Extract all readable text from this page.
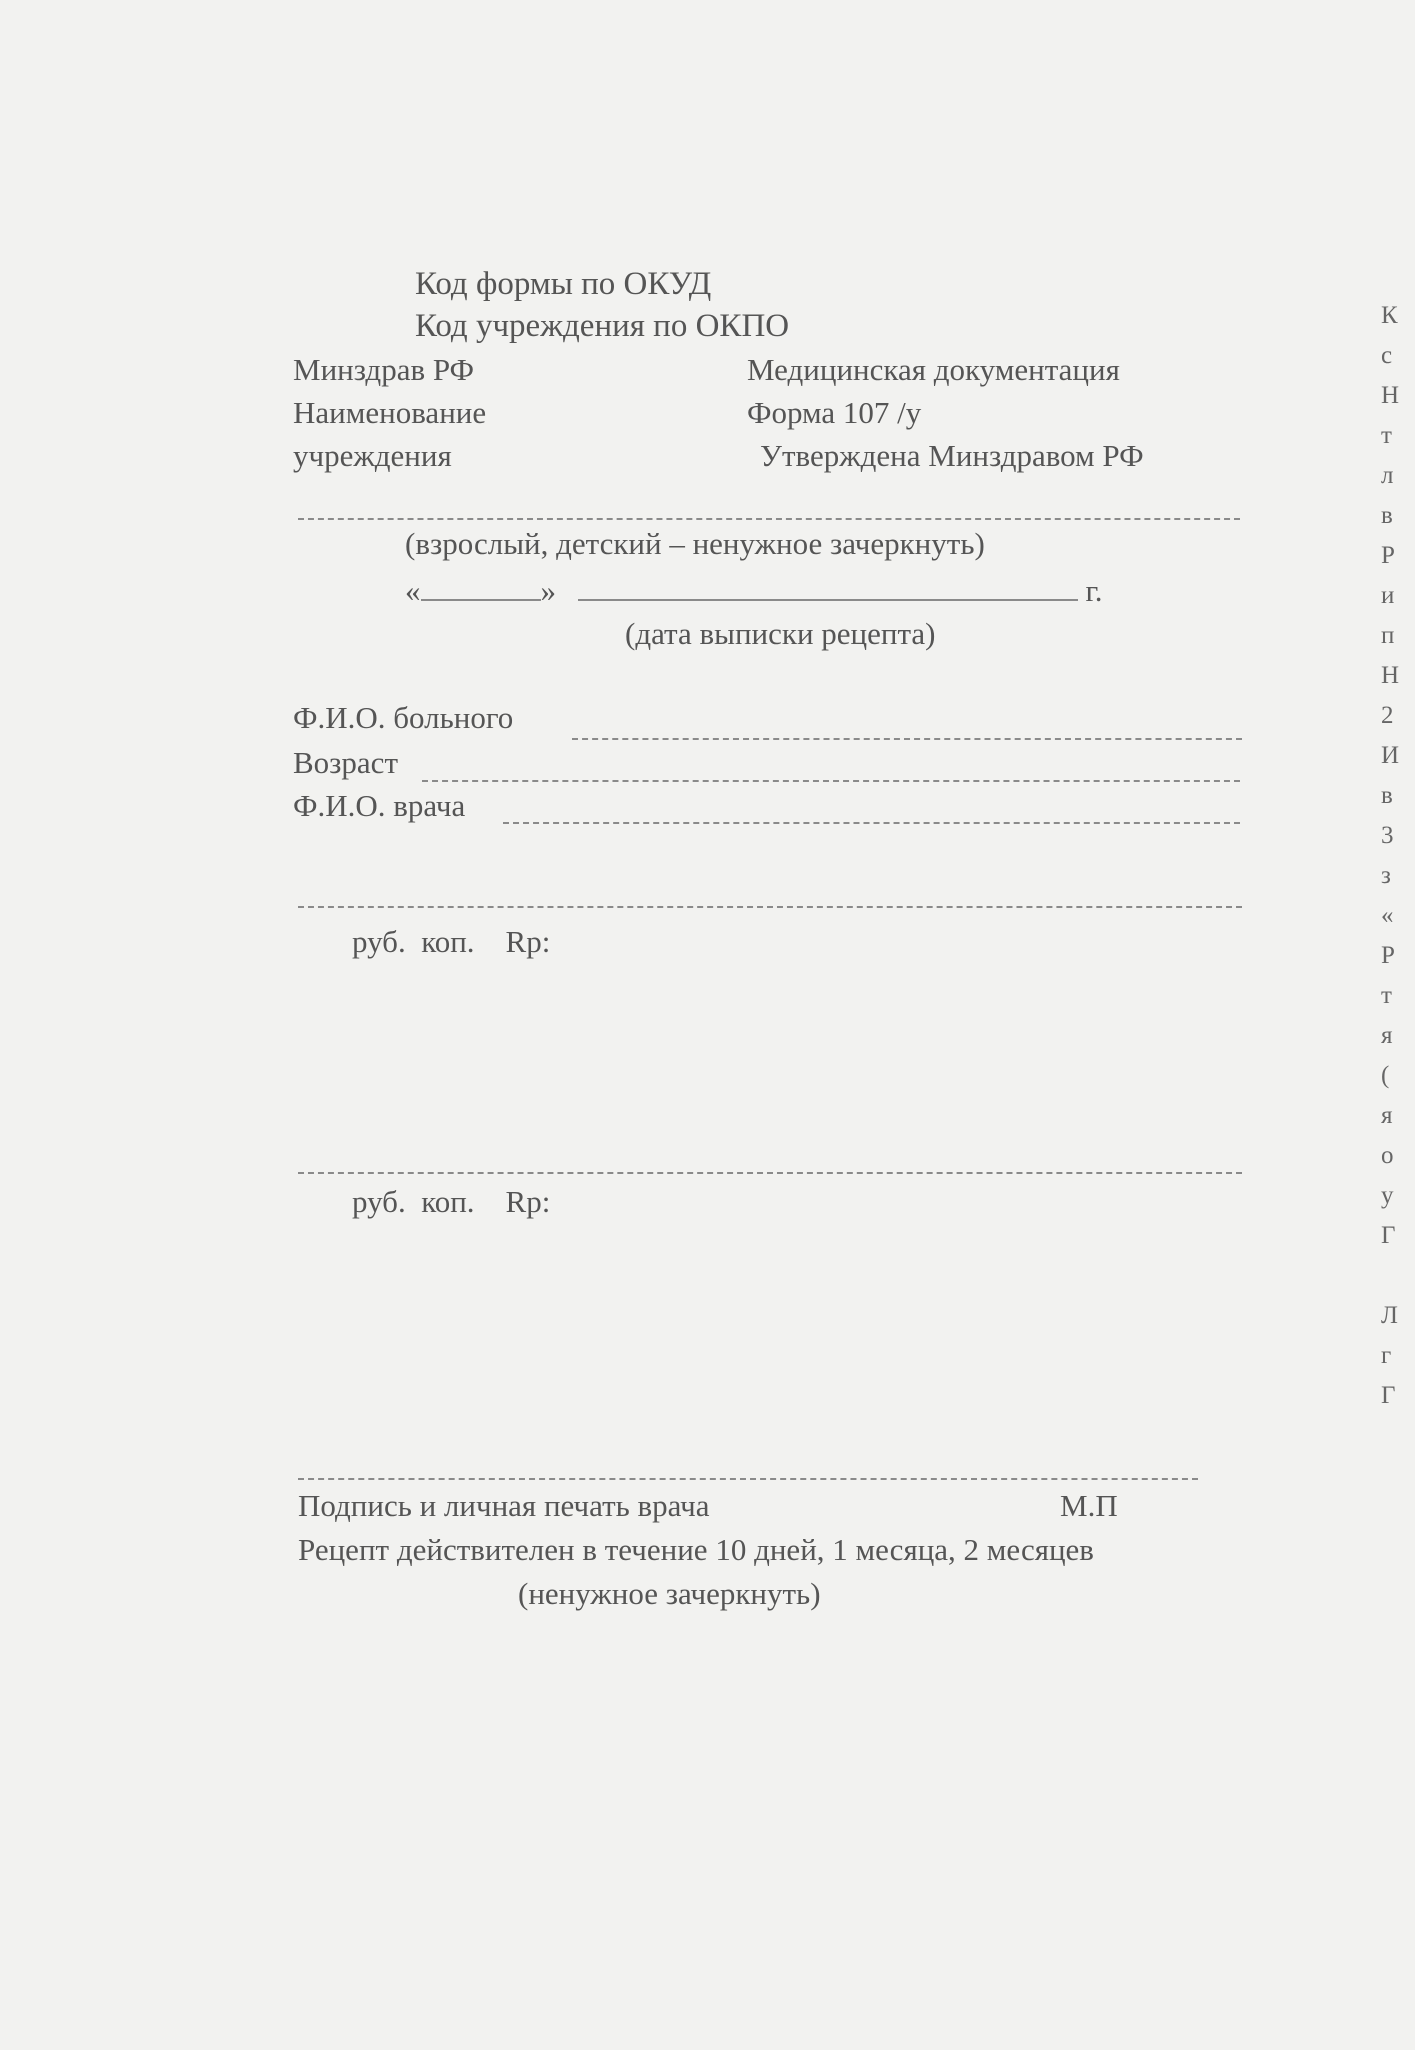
Код формы по ОКУД
Код учреждения по ОКПО
Минздрав РФ
Наименование
учреждения
Медицинская документация
Форма 107 /у
Утверждена Минздравом РФ
(взрослый, детский – ненужное зачеркнуть)
«	»	г.
(дата выписки рецепта)
Ф.И.О. больного
Возраст
Ф.И.О. врача
руб. коп. Rp:
руб. коп. Rp:
Подпись и личная печать врача	М.П
Рецепт действителен в течение 10 дней, 1 месяца, 2 месяцев
(ненужное зачеркнуть)
К
с
Н
т
л
в
Р
и
п
Н
2
И
в
3
з
«
Р
т
я
(
я
о
у
Г
Л
г
Г
